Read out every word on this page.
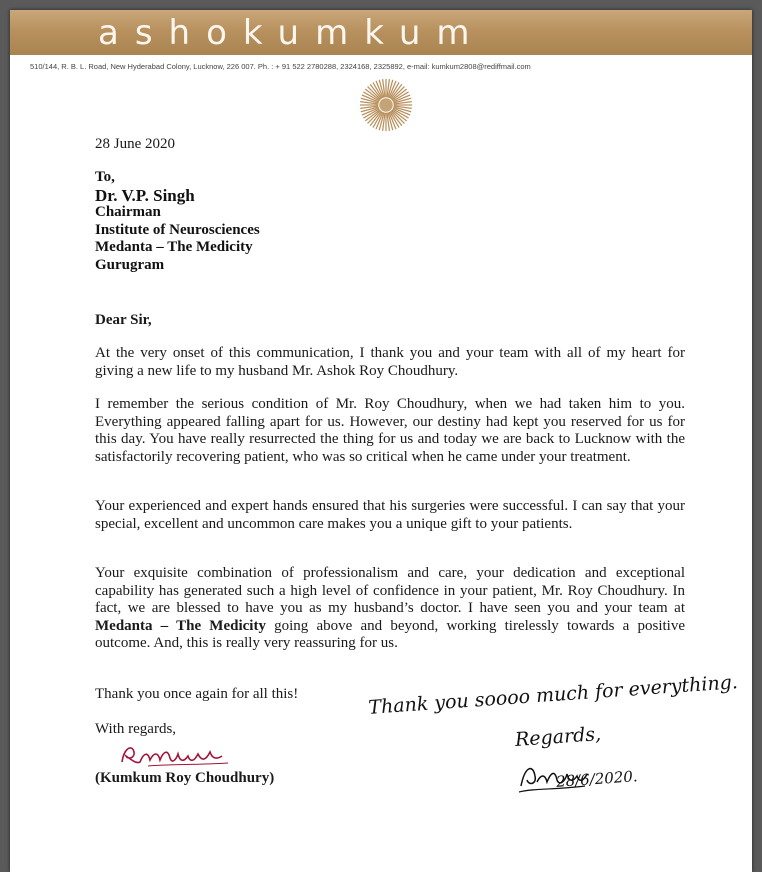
ashokumkum
510/144, R. B. L. Road, New Hyderabad Colony, Lucknow, 226 007. Ph. : + 91 522 2780288, 2324168, 2325892, e-mail: kumkum2808@rediffmail.com
28 June 2020
To,
Dr. V.P. Singh
Chairman
Institute of Neurosciences
Medanta – The Medicity
Gurugram
Dear Sir,
At the very onset of this communication, I thank you and your team with all of my heart for giving a new life to my husband Mr. Ashok Roy Choudhury.
I remember the serious condition of Mr. Roy Choudhury, when we had taken him to you. Everything appeared falling apart for us. However, our destiny had kept you reserved for us for this day. You have really resurrected the thing for us and today we are back to Lucknow with the satisfactorily recovering patient, who was so critical when he came under your treatment.
Your experienced and expert hands ensured that his surgeries were successful. I can say that your special, excellent and uncommon care makes you a unique gift to your patients.
Your exquisite combination of professionalism and care, your dedication and exceptional capability has generated such a high level of confidence in your patient, Mr. Roy Choudhury. In fact, we are blessed to have you as my husband’s doctor. I have seen you and your team at Medanta – The Medicity going above and beyond, working tirelessly towards a positive outcome. And, this is really very reassuring for us.
Thank you once again for all this!
With regards,
(Kumkum Roy Choudhury)
Thank you soooo much for everything.
Regards,
28/6/2020.
